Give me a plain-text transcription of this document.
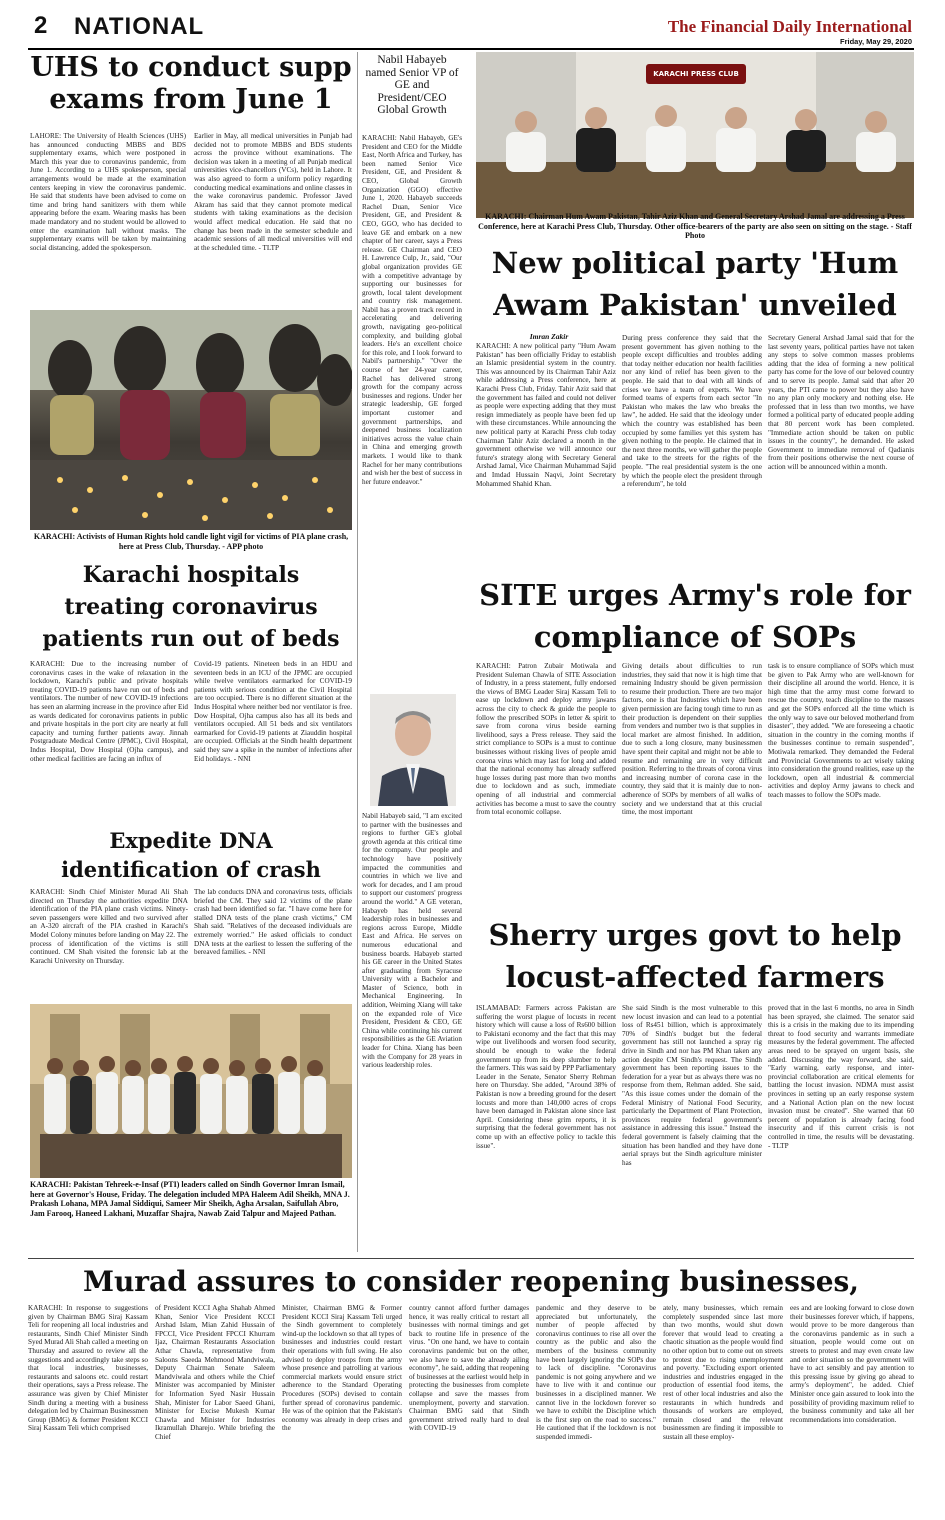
2	NATIONAL	The Financial Daily International
Friday, May 29, 2020
UHS to conduct supp exams from June 1
LAHORE: The University of Health Sciences (UHS) has announced conducting MBBS and BDS supplementary exams, which were postponed in March this year due to coronavirus pandemic, from June 1. According to a UHS spokesperson, special arrangements would be made at the examination centers keeping in view the coronavirus pandemic. He said that students have been advised to come on time and bring hand sanitizers with them while appearing before the exam. Wearing masks has been made mandatory and no student would be allowed to enter the examination hall without masks. The supplementary exams will be taken by maintaining social distancing, added the spokesperson.
Earlier in May, all medical universities in Punjab had decided not to promote MBBS and BDS students across the province without examinations. The decision was taken in a meeting of all Punjab medical universities vice-chancellors (VCs), held in Lahore. It was also agreed to form a uniform policy regarding conducting medical examinations and online classes in the wake coronavirus pandemic. Professor Javed Akram has said that they cannot promote medical students with taking examinations as the decision would affect medical education. He said that no change has been made in the semester schedule and academic sessions of all medical universities will end at the scheduled time. - TLTP
KARACHI: Activists of Human Rights hold candle light vigil for victims of PIA plane crash, here at Press Club, Thursday. - APP photo
Karachi hospitals treating coronavirus patients run out of beds
KARACHI: Due to the increasing number of coronavirus cases in the wake of relaxation in the lockdown, Karachi's public and private hospitals treating COVID-19 patients have run out of beds and ventilators. The number of new COVID-19 infections has seen an alarming increase in the province after Eid as wards dedicated for coronavirus patients in public and private hospitals in the port city are nearly at full capacity and turning further patients away. Jinnah Postgraduate Medical Centre (JPMC), Civil Hospital, Indus Hospital, Dow Hospital (Ojha campus), and other medical facilities are facing an influx of
Covid-19 patients. Nineteen beds in an HDU and seventeen beds in an ICU of the JPMC are occupied while twelve ventilators earmarked for COVID-19 patients with serious condition at the Civil Hospital are too occupied. There is no different situation at the Indus Hospital where neither bed nor ventilator is free. Dow Hospital, Ojha campus also has all its beds and ventilators occupied. All 51 beds and six ventilators earmarked for Covid-19 patients at Ziauddin hospital are occupied. Officials at the Sindh health department said they saw a spike in the number of infections after Eid holidays. - NNI
Expedite DNA identification of crash
KARACHI: Sindh Chief Minister Murad Ali Shah directed on Thursday the authorities expedite DNA identification of the PIA plane crash victims. Ninety-seven passengers were killed and two survived after an A-320 aircraft of the PIA crashed in Karachi's Model Colony minutes before landing on May 22. The process of identification of the victims is still continued. CM Shah visited the forensic lab at the Karachi University on Thursday.
The lab conducts DNA and coronavirus tests, officials briefed the CM. They said 12 victims of the plane crash had been identified so far. "I have come here for stalled DNA tests of the plane crash victims," CM Shah said. "Relatives of the deceased individuals are extremely worried." He asked officials to conduct DNA tests at the earliest to lessen the suffering of the bereaved families. - NNI
KARACHI: Pakistan Tehreek-e-Insaf (PTI) leaders called on Sindh Governor Imran Ismail, here at Governor's House, Friday. The delegation included MPA Haleem Adil Sheikh, MNA J. Prakash Lohana, MPA Jamal Siddiqui, Sameer Mir Sheikh, Agha Arsalan, Saifullah Abro, Jam Farooq, Haneed Lakhani, Muzaffar Shajra, Nawab Zaid Talpur and Majeed Pathan.
Nabil Habayeb named Senior VP of GE and President/CEO Global Growth
KARACHI: Nabil Habayeb, GE's President and CEO for the Middle East, North Africa and Turkey, has been named Senior Vice President, GE, and President & CEO, Global Growth Organization (GGO) effective June 1, 2020. Habayeb succeeds Rachel Duan, Senior Vice President, GE, and President & CEO, GGO, who has decided to leave GE and embark on a new chapter of her career, says a Press release. GE Chairman and CEO H. Lawrence Culp, Jr., said, "Our global organization provides GE with a competitive advantage by supporting our businesses for growth, local talent development and country risk management. Nabil has a proven track record in accelerating and delivering growth, navigating geo-political complexity, and building global leaders. He's an excellent choice for this role, and I look forward to Nabil's partnership." "Over the course of her 24-year career, Rachel has delivered strong growth for the company across businesses and regions. Under her strategic leadership, GE forged important customer and government partnerships, and deepened business localization initiatives across the value chain in China and emerging growth markets. I would like to thank Rachel for her many contributions and wish her the best of success in her future endeavor."
Nabil Habayeb said, "I am excited to partner with the businesses and regions to further GE's global growth agenda at this critical time for the company. Our people and technology have positively impacted the communities and countries in which we live and work for decades, and I am proud to support our customers' progress around the world." A GE veteran, Habayeb has held several leadership roles in businesses and regions across Europe, Middle East and Africa. He serves on numerous educational and business boards. Habayeb started his GE career in the United States after graduating from Syracuse University with a Bachelor and Master of Science, both in Mechanical Engineering. In addition, Weiming Xiang will take on the expanded role of Vice President, President & CEO, GE China while continuing his current responsibilities as the GE Aviation leader for China. Xiang has been with the Company for 28 years in various leadership roles.
KARACHI PRESS CLUB
KARACHI: Chairman Hum Awam Pakistan, Tahir Aziz Khan and General Secretary Arshad Jamal are addressing a Press Conference, here at Karachi Press Club, Thursday. Other office-bearers of the party are also seen on sitting on the stage. - Staff Photo
New political party 'Hum Awam Pakistan' unveiled
Imran Zakir
KARACHI: A new political party "Hum Awam Pakistan" has been officially Friday to establish an Islamic presidential system in the country. This was announced by its Chairman Tahir Aziz while addressing a Press conference, here at Karachi Press Club, Friday. Tahir Aziz said that the government has failed and could not deliver as people were expecting adding that they must resign immediately as people have been fed up with these circumstances. While announcing the new political party at Karachi Press club today Chairman Tahir Aziz declared a month in the government otherwise we will announce our future's strategy along with Secretary General Arshad Jamal, Vice Chairman Muhammad Sajid and Imdad Hussain Naqvi, Joint Secretary Mohammed Shahid Khan.
During press conference they said that the present government has given nothing to the people except difficulties and troubles adding that today neither education nor health facilities nor any kind of relief has been given to the people. He said that to deal with all kinds of crises we have a team of experts. We have formed teams of experts from each sector "In Pakistan who makes the law who breaks the law", he added. He said that the ideology under which the country was established has been occupied by some families yet this system has given nothing to the people. He claimed that in the next three months, we will gather the people and take to the streets for the rights of the people. "The real presidential system is the one by which the people elect the president through a referendum", he told
Secretary General Arshad Jamal said that for the last seventy years, political parties have not taken any steps to solve common masses problems adding that the idea of forming a new political party has come for the love of our beloved country and to serve its people. Jamal said that after 20 years, the PTI came to power but they also have no any plan only mockery and nothing else. He professed that in less than two months, we have formed a political party of educated people adding that 80 percent work has been completed. "Immediate action should be taken on public issues in the country", he demanded. He asked Government to immediate removal of Qadianis from their positions otherwise the next course of action will be announced within a month.
SITE urges Army's role for compliance of SOPs
KARACHI: Patron Zubair Motiwala and President Suleman Chawla of SITE Association of Industry, in a press statement, fully endorsed the views of BMG Leader Siraj Kassam Teli to ease up lockdown and deploy army jawans across the city to check & guide the people to follow the prescribed SOPs in letter & spirit to save from corona virus beside earning livelihood, says a Press release. They said the strict compliance to SOPs is a must to continue businesses without risking lives of people amid corona virus which may last for long and added that the national economy has already suffered huge losses during past more than two months due to lockdown and as such, immediate opening of all industrial and commercial activities has become a must to save the country from total economic collapse.
Giving details about difficulties to run industries, they said that now it is high time that remaining Industry should be given permission to resume their production. There are two major factors, one is that Industries which have been given permission are facing tough time to run as their production is dependent on their supplies from venders and number two is that supplies in local market are almost finished. In addition, due to such a long closure, many businessmen have spent their capital and might not be able to resume and remaining are in very difficult position. Referring to the threats of corona virus and increasing number of corona case in the country, they said that it is mainly due to non-adherence of SOPs by members of all walks of society and we understand that at this crucial time, the most important
task is to ensure compliance of SOPs which must be given to Pak Army who are well-known for their discipline all around the world. Hence, it is high time that the army must come forward to rescue the country, teach discipline to the masses and get the SOPs enforced all the time which is the only way to save our beloved motherland from disaster", they added. "We are foreseeing a chaotic situation in the country in the coming months if the businesses continue to remain suspended", Motiwala remarked. They demanded the Federal and Provincial Governments to act wisely taking into consideration the ground realities, ease up the lockdown, open all industrial & commercial activities and deploy Army jawans to check and teach masses to follow the SOPs made.
Sherry urges govt to help locust-affected farmers
ISLAMABAD: Farmers across Pakistan are suffering the worst plague of locusts in recent history which will cause a loss of Rs600 billion to Pakistani economy and the fact that this may wipe out livelihoods and worsen food security, should be enough to wake the federal government up from its deep slumber to help the farmers. This was said by PPP Parliamentary Leader in the Senate, Senator Sherry Rehman here on Thursday. She added, "Around 38% of Pakistan is now a breeding ground for the desert locusts and more than 140,000 acres of crops have been damaged in Pakistan alone since last April. Considering these grim reports, it is surprising that the federal government has not come up with an effective policy to tackle this issue".
She said Sindh is the most vulnerable to this new locust invasion and can lead to a potential loss of Rs451 billion, which is approximately 70% of Sindh's budget but the federal government has still not launched a spray rig drive in Sindh and nor has PM Khan taken any action despite CM Sindh's request. The Sindh government has been reporting issues to the federation for a year but as always there was no response from them, Rehman added. She said, "As this issue comes under the domain of the Federal Ministry of National Food Security, particularly the Department of Plant Protection, provinces require federal government's assistance in addressing this issue." Instead the federal government is falsely claiming that the situation has been handled and they have done aerial sprays but the Sindh agriculture minister has
proved that in the last 6 months, no area in Sindh has been sprayed, she claimed. The senator said this is a crisis in the making due to its impending threat to food security and warrants immediate measures by the federal government. The affected areas need to be sprayed on urgent basis, she added. Discussing the way forward, she said, "Early warning, early response, and inter-provincial collaboration are critical elements for battling the locust invasion. NDMA must assist provinces in setting up an early response system and a National Action plan on the new locust invasion must be created". She warned that 60 percent of population is already facing food insecurity and if this current crisis is not controlled in time, the results will be devastating. - TLTP
Murad assures to consider reopening businesses,
KARACHI: In response to suggestions given by Chairman BMG Siraj Kassam Teli for reopening all local industries and restaurants, Sindh Chief Minister Sindh Syed Murad Ali Shah called a meeting on Thursday and assured to review all the suggestions and accordingly take steps so that local industries, businesses, restaurants and saloons etc. could restart their operations, says a Press release. The assurance was given by Chief Minister Sindh during a meeting with a business delegation led by Chairman Businessmen Group (BMG) & former President KCCI Siraj Kassam Teli which comprised
of President KCCI Agha Shahab Ahmed Khan, Senior Vice President KCCI Arshad Islam, Mian Zahid Hussain of FPCCI, Vice President FPCCI Khurram Ijaz, Chairman Restaurants Association Athar Chawla, representative from Saloons Saeeda Mehmood Mandviwala, Deputy Chairman Senate Saleem Mandviwala and others while the Chief Minister was accompanied by Minister for Information Syed Nasir Hussain Shah, Minister for Labor Saeed Ghani, Minister for Excise Mukesh Kumar Chawla and Minister for Industries Ikramullah Dharejo. While briefing the Chief
Minister, Chairman BMG & Former President KCCI Siraj Kassam Teli urged the Sindh government to completely wind-up the lockdown so that all types of businesses and industries could restart their operations with full swing. He also advised to deploy troops from the army whose presence and patrolling at various commercial markets would ensure strict adherence to the Standard Operating Procedures (SOPs) devised to contain further spread of coronavirus pandemic. He was of the opinion that the Pakistan's economy was already in deep crises and the
country cannot afford further damages hence, it was really critical to restart all businesses with normal timings and get back to routine life in presence of the virus. "On one hand, we have to contain coronavirus pandemic but on the other, we also have to save the already ailing economy", he said, adding that reopening of businesses at the earliest would help in protecting the businesses from complete collapse and save the masses from unemployment, poverty and starvation. Chairman BMG said that Sindh government strived really hard to deal with COVID-19
pandemic and they deserve to be appreciated but unfortunately, the number of people affected by coronavirus continues to rise all over the country as the public and also the members of the business community have been largely ignoring the SOPs due to lack of discipline. "Coronavirus pandemic is not going anywhere and we have to live with it and continue our businesses in a disciplined manner. We cannot live in the lockdown forever so we have to exhibit the Discipline which is the first step on the road to success." He cautioned that if the lockdown is not suspended immedi-
ately, many businesses, which remain completely suspended since last more than two months, would shut down forever that would lead to creating a chaotic situation as the people would find no other option but to come out on streets to protest due to rising unemployment and poverty. "Excluding export oriented industries and industries engaged in the production of essential food items, the rest of other local industries and also the restaurants in which hundreds and thousands of workers are employed, remain closed and the relevant businessmen are finding it impossible to sustain all these employ-
ees and are looking forward to close down their businesses forever which, if happens, would prove to be more dangerous than the coronavirus pandemic as in such a situation, people would come out on streets to protest and may even create law and order situation so the government will have to act sensibly and pay attention to this pressing issue by giving go ahead to army's deployment", he added. Chief Minister once gain assured to look into the possibility of providing maximum relief to the business community and take all her recommendations into consideration.
